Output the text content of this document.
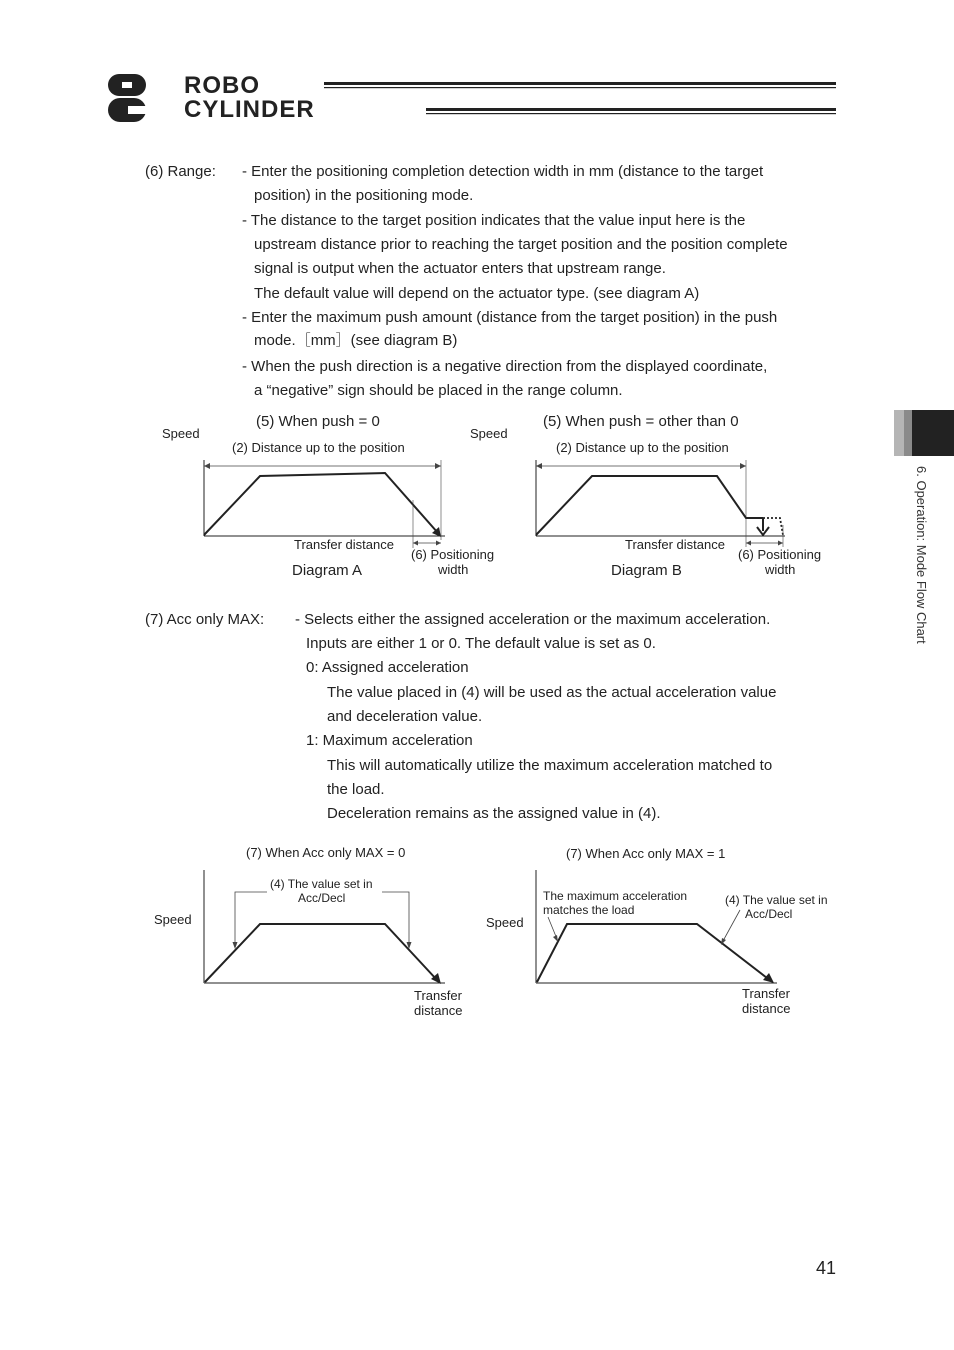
ROBO
CYLINDER
(6) Range: - Enter the positioning completion detection width in mm (distance to the target
position) in the positioning mode.
- The distance to the target position indicates that the value input here is the
upstream distance prior to reaching the target position and the position complete
signal is output when the actuator enters that upstream range.
The default value will depend on the actuator type. (see diagram A)
- Enter the maximum push amount (distance from the target position) in the push
mode.［mm］(see diagram B)
- When the push direction is a negative direction from the displayed coordinate,
a “negative” sign should be placed in the range column.
(5) When push = 0
Speed
(2) Distance up to the position
Transfer distance
(6) Positioning
width
Diagram A
(5) When push = other than 0
Speed
(2) Distance up to the position
Transfer distance
(6) Positioning
width
Diagram B
(7) Acc only MAX: - Selects either the assigned acceleration or the maximum acceleration.
Inputs are either 1 or 0. The default value is set as 0.
0: Assigned acceleration
The value placed in (4) will be used as the actual acceleration value
and deceleration value.
1: Maximum acceleration
This will automatically utilize the maximum acceleration matched to
the load.
Deceleration remains as the assigned value in (4).
(7) When Acc only MAX = 0
Speed
(4) The value set in
Acc/Decl
Transfer
distance
(7) When Acc only MAX = 1
Speed
The maximum acceleration
matches the load
(4) The value set in
Acc/Decl
Transfer
distance
6. Operation: Mode Flow Chart
41
